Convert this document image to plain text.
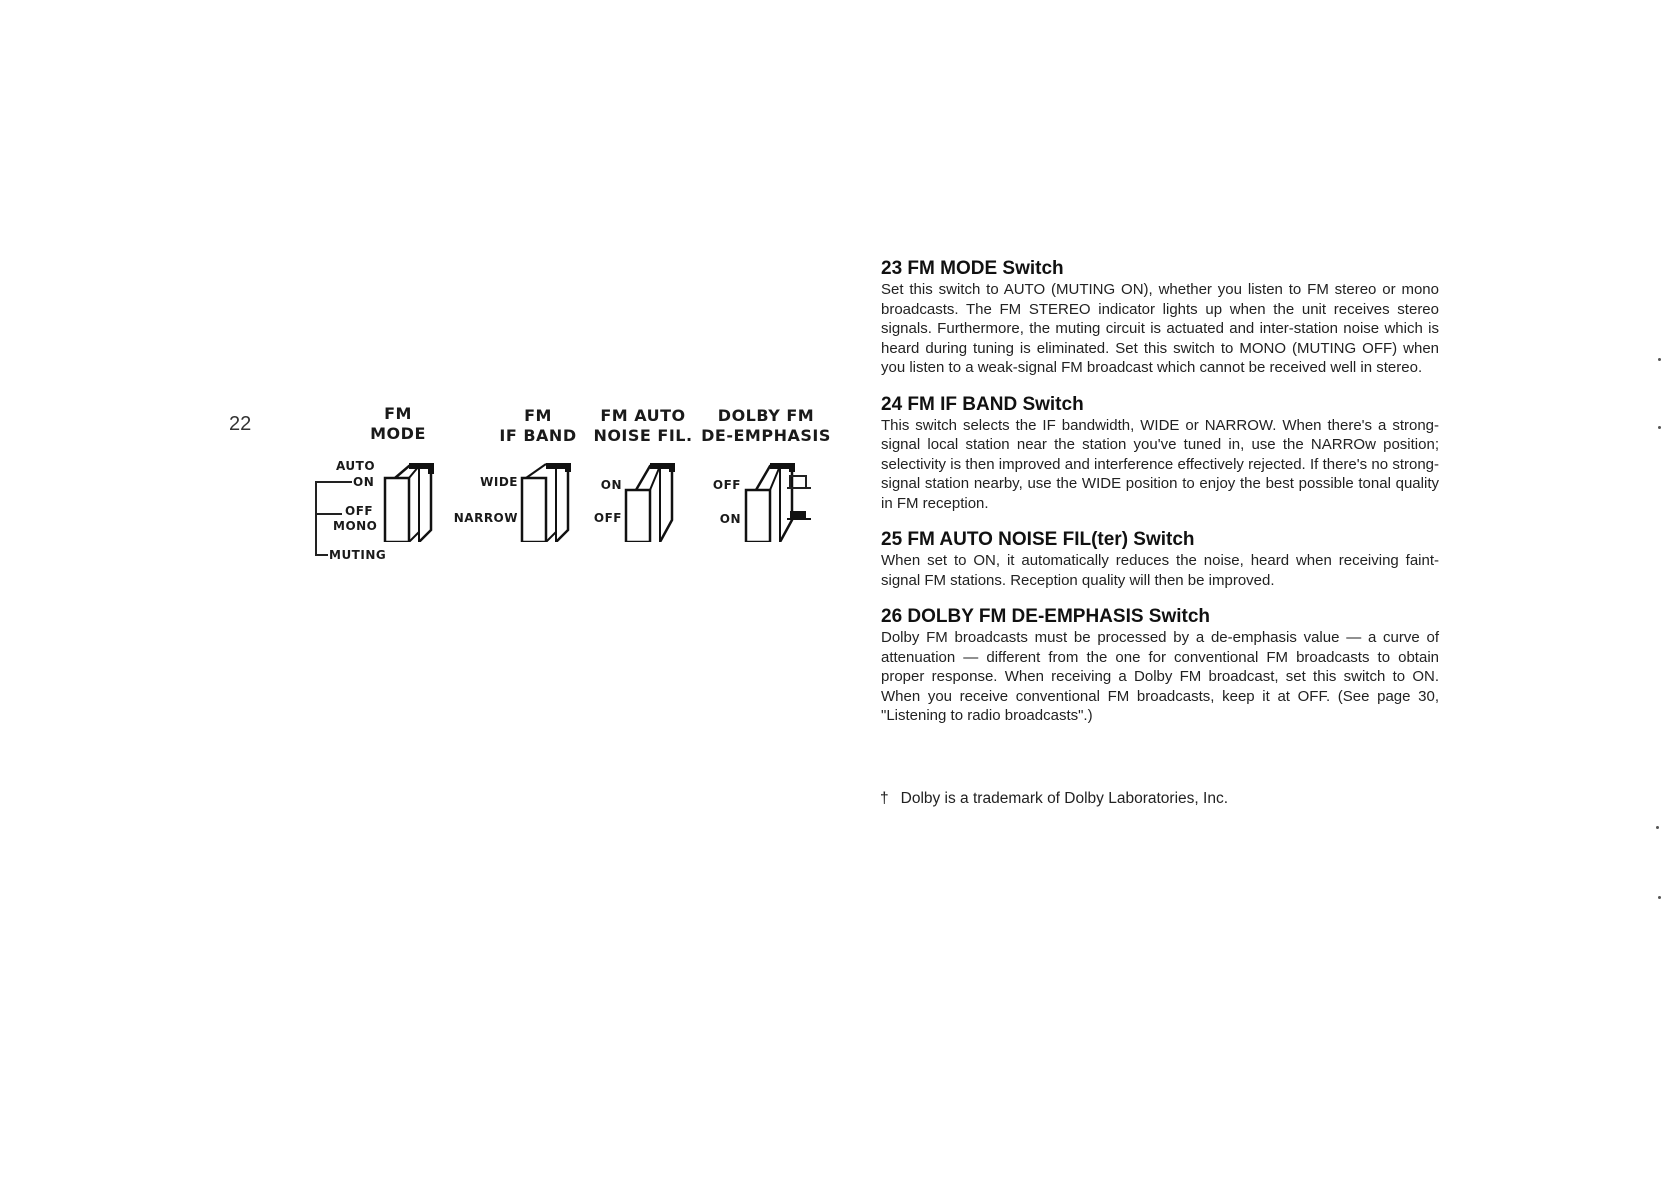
22	FM
MODE
AUTO
ON
OFF
MONO
MUTING
FM
IF BAND
WIDE
NARROW
FM AUTO
NOISE FIL.
ON
OFF
DOLBY FM
DE-EMPHASIS
OFF
ON
23 FM MODE Switch

Set this switch to AUTO (MUTING ON), whether you listen to FM stereo or mono broadcasts. The FM STEREO indicator lights up when the unit receives stereo signals. Furthermore, the muting circuit is actuated and inter-station noise which is heard during tuning is eliminated. Set this switch to MONO (MUTING OFF) when you listen to a weak-signal FM broadcast which cannot be received well in stereo.

24 FM IF BAND Switch

This switch selects the IF bandwidth, WIDE or NARROW. When there's a strong-signal local station near the station you've tuned in, use the NARROw position; selectivity is then improved and interference effectively rejected. If there's no strong-signal station nearby, use the WIDE position to enjoy the best possible tonal quality in FM reception.

25 FM AUTO NOISE FIL(ter) Switch

When set to ON, it automatically reduces the noise, heard when receiving faint-signal FM stations. Reception quality will then be improved.

26 DOLBY FM DE-EMPHASIS Switch

Dolby FM broadcasts must be processed by a de-emphasis value — a curve of attenuation — different from the one for conventional FM broadcasts to obtain proper response. When receiving a Dolby FM broadcast, set this switch to ON. When you receive conventional FM broadcasts, keep it at OFF. (See page 30, "Listening to radio broadcasts".)

† Dolby is a trademark of Dolby Laboratories, Inc.
